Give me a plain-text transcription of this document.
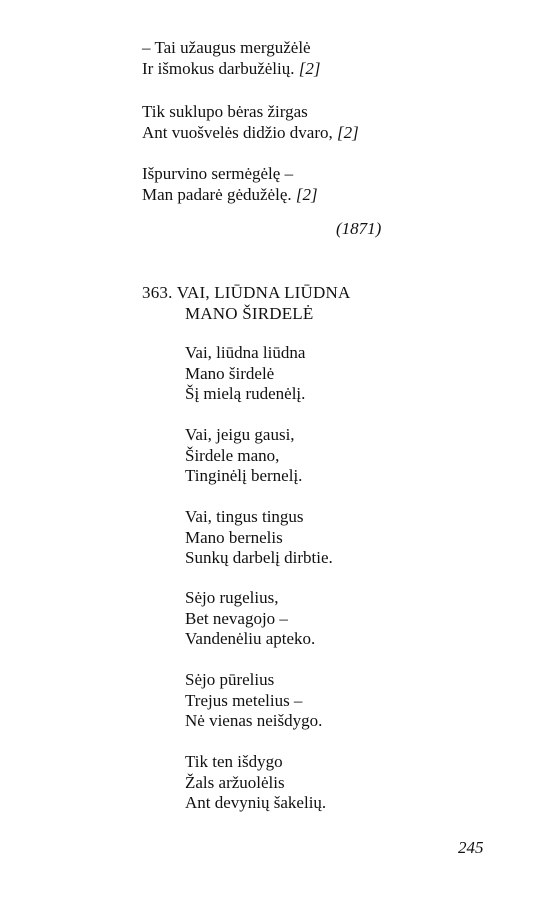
– Tai užaugus mergužėlė
Ir išmokus darbužėlių. [2]
Tik suklupo bėras žirgas
Ant vuošvelės didžio dvaro, [2]
Išpurvino sermėgėlę –
Man padarė gėdužėlę. [2]
(1871)
363. VAI, LIŪDNA LIŪDNA
MANO ŠIRDELĖ
Vai, liūdna liūdna
Mano širdelė
Šį mielą rudenėlį.
Vai, jeigu gausi,
Širdele mano,
Tinginėlį bernelį.
Vai, tingus tingus
Mano bernelis
Sunkų darbelį dirbtie.
Sėjo rugelius,
Bet nevagojo –
Vandenėliu apteko.
Sėjo pūrelius
Trejus metelius –
Nė vienas neišdygo.
Tik ten išdygo
Žals aržuolėlis
Ant devynių šakelių.
245
